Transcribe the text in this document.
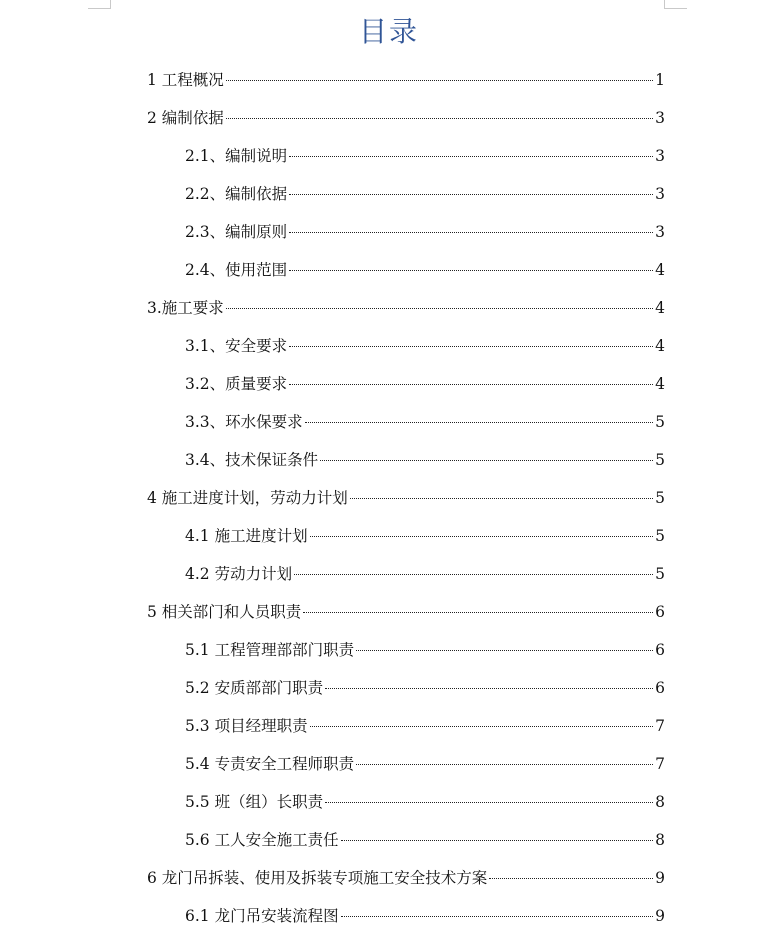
目录
1 工程概况	1
2 编制依据	3
2.1、编制说明	3
2.2、编制依据	3
2.3、编制原则	3
2.4、使用范围	4
3.施工要求	4
3.1、安全要求	4
3.2、质量要求	4
3.3、环水保要求	5
3.4、技术保证条件	5
4 施工进度计划，劳动力计划	5
4.1 施工进度计划	5
4.2 劳动力计划	5
5 相关部门和人员职责	6
5.1 工程管理部部门职责	6
5.2 安质部部门职责	6
5.3 项目经理职责	7
5.4 专责安全工程师职责	7
5.5 班（组）长职责	8
5.6 工人安全施工责任	8
6 龙门吊拆装、使用及拆装专项施工安全技术方案	9
6.1 龙门吊安装流程图	9
